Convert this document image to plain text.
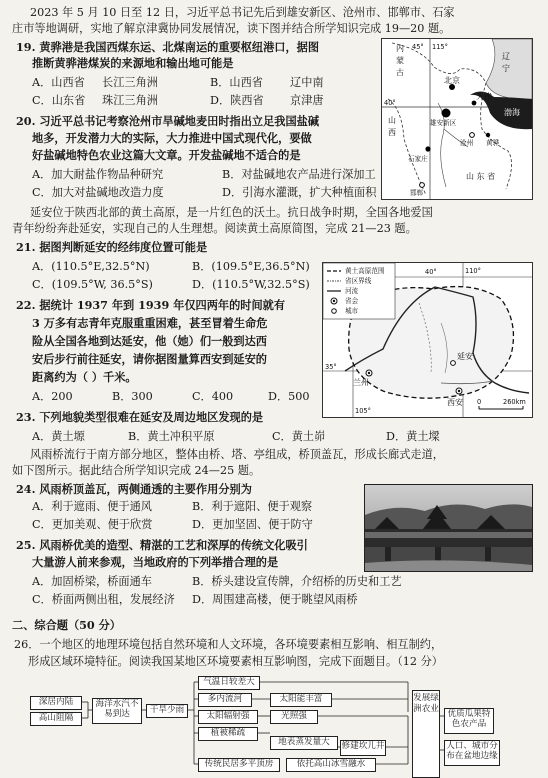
2023 年 5 月 10 日至 12 日，习近平总书记先后到雄安新区、沧州市、邯郸市、石家
庄市等地调研，实地了解京津冀协同发展情况，读下图并结合所学知识完成 19—20 题。
19. 黄骅港是我国西煤东运、北煤南运的重要枢纽港口，据图
推断黄骅港煤炭的来源地和输出地可能是
A．山西省 长江三角洲	B．山西省 辽中南
C．山东省 珠江三角洲	D．陕西省 京津唐
20. 习近平总书记考察沧州市旱碱地麦田时指出立足我国盐碱
地多，开发潜力大的实际，大力推进中国式现代化，要做
好盐碱地特色农业这篇大文章。开发盐碱地不适合的是
A．加大耐盐作物品种研究	B．对盐碱地农产品进行深加工
C．加大对盐碱地改造力度	D．引海水灌溉，扩大种植面积
内
蒙
古
山
西
北京
天津
渤海
雄安新区
沧州 黄骅
石家庄
邯郸
山 东 省
辽
宁
40°
115°
45°
延安位于陕西北部的黄土高原，是一片红色的沃土。抗日战争时期，全国各地爱国
青年纷纷奔赴延安，实现自己的人生理想。阅读黄土高原简图，完成 21—23 题。
21. 据图判断延安的经纬度位置可能是
A．(110.5°E,32.5°N)	B．(109.5°E,36.5°N)
C．(109.5°W, 36.5°S)	D．(110.5°W,32.5°S)
22. 据统计 1937 年到 1939 年仅四两年的时间就有
3 万多有志青年克服重重困难，甚至冒着生命危
险从全国各地到达延安，他（她）们一般到达西
安后步行前往延安，请你据图量算西安到延安的
距离约为（ ）千米。
A．200	B．300	C．400	D．500
黄土高原范围
省区界线
河流
省会
城市
延安
西安
兰州
40°	110°
35°
105°
0	260km
23. 下列地貌类型很难在延安及周边地区发现的是
A．黄土塬	B．黄土冲积平原	C．黄土峁	D．黄土墚
风雨桥流行于南方部分地区，整体由桥、塔、亭组成，桥顶盖瓦，形成长廊式走道，
如下图所示。据此结合所学知识完成 24—25 题。
24. 风雨桥顶盖瓦，两侧通透的主要作用分别为
A．利于遮雨、便于通风	B．利于遮阳、便于观察
C．更加美观、便于欣赏	D．更加坚固、便于防守
25. 风雨桥优美的造型、精湛的工艺和深厚的传统文化吸引
大量游人前来参观，当地政府的下列举措合理的是
A．加固桥梁，桥面通车	B．桥头建设宣传牌，介绍桥的历史和工艺
C．桥面两侧出租，发展经济 D．周围建高楼，便于眺望风雨桥
二、综合题（50 分）
26．一个地区的地理环境包括自然环境和人文环境，各环境要素相互影响、相互制约，
形成区域环境特征。阅读我国某地区环境要素相互影响图，完成下面题目。（12 分）
深居内陆
高山阻隔
海洋水汽不易到达	干旱少雨
气温日较差大
多内流河
太阳辐射强
植被稀疏
传统民居多平顶房
太阳能丰富
光照强
地表蒸发量大
依托高山冰雪融水
修建坎儿井
发展绿洲农业	优质瓜果特色农产品
人口、城市分布在盆地边缘
